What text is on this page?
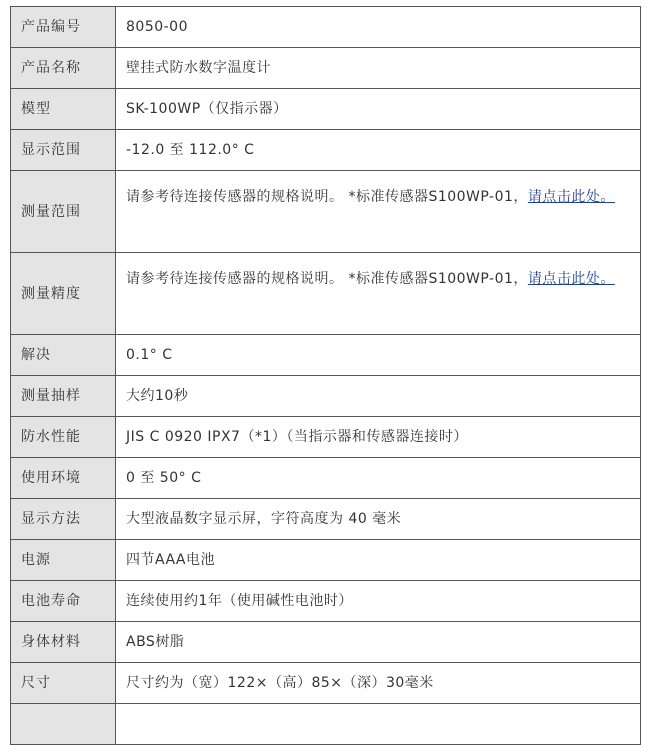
产品编号	8050-00
产品名称	壁挂式防水数字温度计
模型	SK-100WP（仅指示器）
显示范围	-12.0 至 112.0° C
测量范围	请参考待连接传感器的规格说明。 *标准传感器S100WP-01，请点击此处。
测量精度	请参考待连接传感器的规格说明。 *标准传感器S100WP-01，请点击此处。
解决	0.1° C
测量抽样	大约10秒
防水性能	JIS C 0920 IPX7（*1）（当指示器和传感器连接时）
使用环境	0 至 50° C
显示方法	大型液晶数字显示屏，字符高度为 40 毫米
电源	四节AAA电池
电池寿命	连续使用约1年（使用碱性电池时）
身体材料	ABS树脂
尺寸	尺寸约为（宽）122×（高）85×（深）30毫米
